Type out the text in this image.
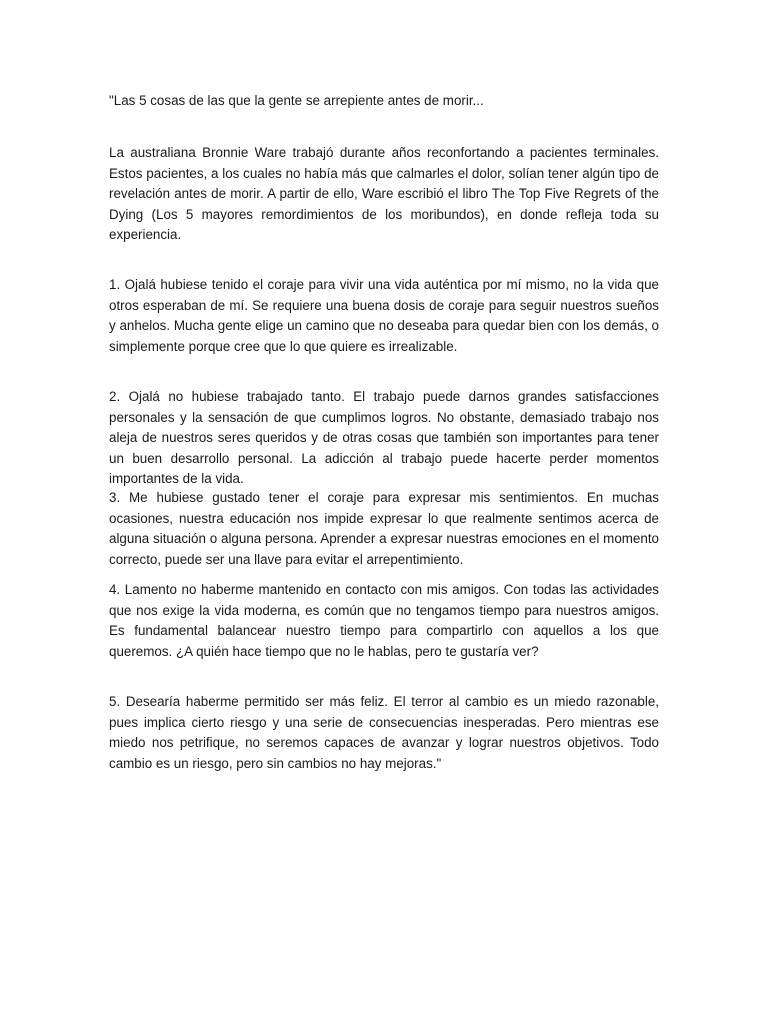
"Las 5 cosas de las que la gente se arrepiente antes de morir...

La australiana Bronnie Ware trabajó durante años reconfortando a pacientes terminales. Estos pacientes, a los cuales no había más que calmarles el dolor, solían tener algún tipo de revelación antes de morir. A partir de ello, Ware escribió el libro The Top Five Regrets of the Dying (Los 5 mayores remordimientos de los moribundos), en donde refleja toda su experiencia.

1. Ojalá hubiese tenido el coraje para vivir una vida auténtica por mí mismo, no la vida que otros esperaban de mí. Se requiere una buena dosis de coraje para seguir nuestros sueños y anhelos. Mucha gente elige un camino que no deseaba para quedar bien con los demás, o simplemente porque cree que lo que quiere es irrealizable.

2. Ojalá no hubiese trabajado tanto. El trabajo puede darnos grandes satisfacciones personales y la sensación de que cumplimos logros. No obstante, demasiado trabajo nos aleja de nuestros seres queridos y de otras cosas que también son importantes para tener un buen desarrollo personal. La adicción al trabajo puede hacerte perder momentos importantes de la vida.

3. Me hubiese gustado tener el coraje para expresar mis sentimientos. En muchas ocasiones, nuestra educación nos impide expresar lo que realmente sentimos acerca de alguna situación o alguna persona. Aprender a expresar nuestras emociones en el momento correcto, puede ser una llave para evitar el arrepentimiento.

4. Lamento no haberme mantenido en contacto con mis amigos. Con todas las actividades que nos exige la vida moderna, es común que no tengamos tiempo para nuestros amigos. Es fundamental balancear nuestro tiempo para compartirlo con aquellos a los que queremos. ¿A quién hace tiempo que no le hablas, pero te gustaría ver?

5. Desearía haberme permitido ser más feliz. El terror al cambio es un miedo razonable, pues implica cierto riesgo y una serie de consecuencias inesperadas. Pero mientras ese miedo nos petrifique, no seremos capaces de avanzar y lograr nuestros objetivos. Todo cambio es un riesgo, pero sin cambios no hay mejoras."
